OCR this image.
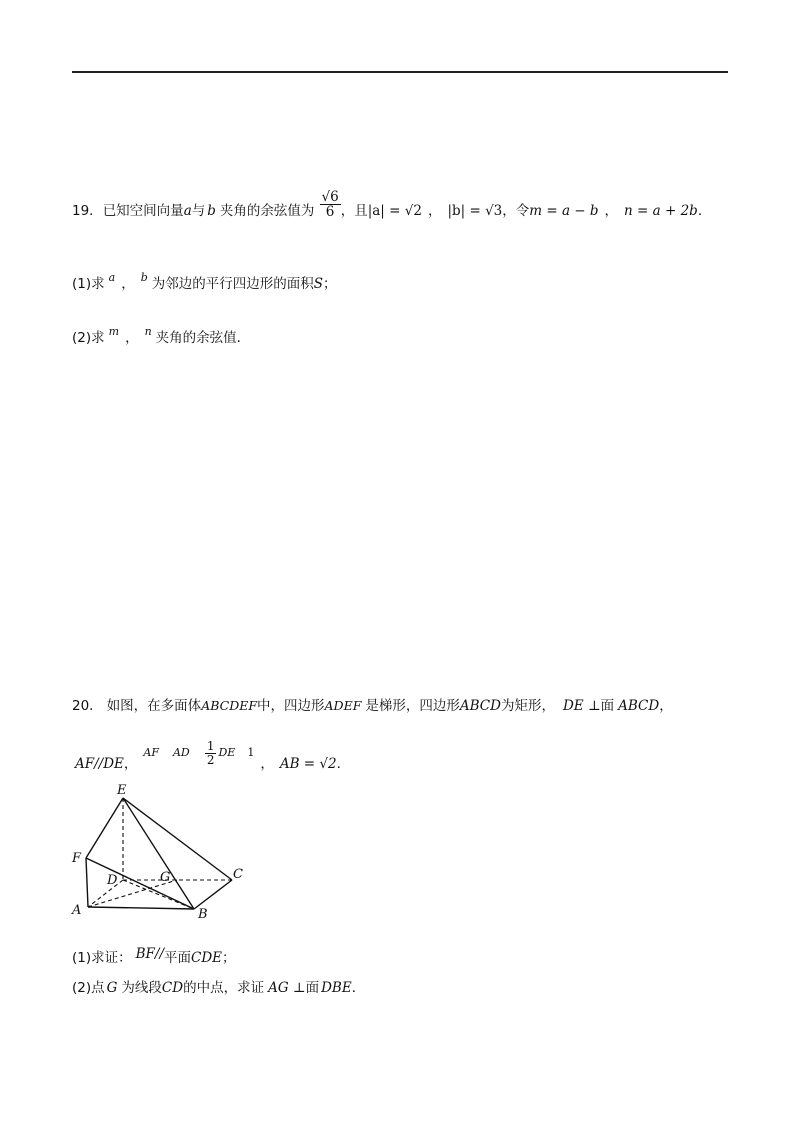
19．已知空间向量a与 b 夹角的余弦值为 $\frac{√6}{6}$ ，且|a| = √2 ， |b| = √3，令m = a − b ， n = a + 2b．
(1)求 $^a$ ， $^b$ 为邻边的平行四边形的面积S；
(2)求 $^m$ ， $^n$ 夹角的余弦值．
20． 如图，在多面体ABCDEF中，四边形ADEF 是梯形，四边形ABCD为矩形， DE ⊥面 ABCD，
$_{AF//DE,}$AF AD $\frac{1}{2}$ DE $1_,$ $_{AB = √2.}$
E
F
D	G	C
A	B
(1)求证： $^{BF//}$平面CDE；
(2)点 G 为线段CD的中点，求证 AG ⊥面 DBE．
